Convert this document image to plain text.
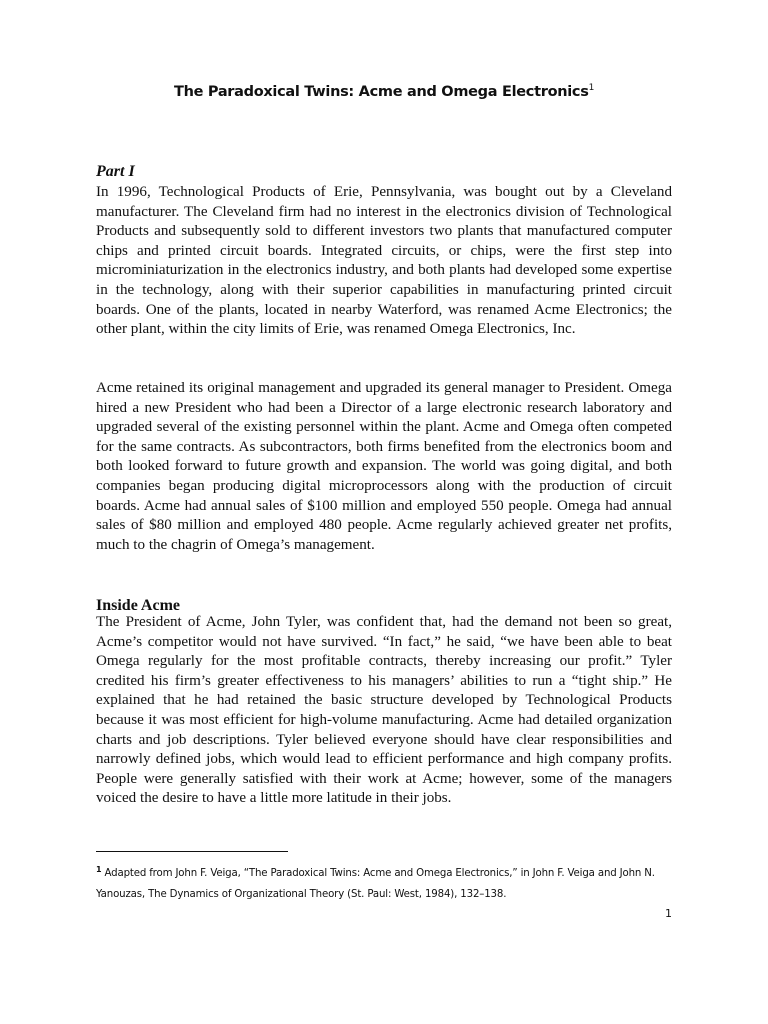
The Paradoxical Twins: Acme and Omega Electronics$^1$
Part I

In 1996, Technological Products of Erie, Pennsylvania, was bought out by a Cleveland manufacturer. The Cleveland firm had no interest in the electronics division of Technological Products and subsequently sold to different investors two plants that manufactured computer chips and printed circuit boards. Integrated circuits, or chips, were the first step into microminiaturization in the electronics industry, and both plants had developed some expertise in the technology, along with their superior capabilities in manufacturing printed circuit boards. One of the plants, located in nearby Waterford, was renamed Acme Electronics; the other plant, within the city limits of Erie, was renamed Omega Electronics, Inc.

Acme retained its original management and upgraded its general manager to President. Omega hired a new President who had been a Director of a large electronic research laboratory and upgraded several of the existing personnel within the plant. Acme and Omega often competed for the same contracts. As subcontractors, both firms benefited from the electronics boom and both looked forward to future growth and expansion. The world was going digital, and both companies began producing digital microprocessors along with the production of circuit boards. Acme had annual sales of $100 million and employed 550 people. Omega had annual sales of $80 million and employed 480 people. Acme regularly achieved greater net profits, much to the chagrin of Omega’s management.

Inside Acme

The President of Acme, John Tyler, was confident that, had the demand not been so great, Acme’s competitor would not have survived. “In fact,” he said, “we have been able to beat Omega regularly for the most profitable contracts, thereby increasing our profit.” Tyler credited his firm’s greater effectiveness to his managers’ abilities to run a “tight ship.” He explained that he had retained the basic structure developed by Technological Products because it was most efficient for high-volume manufacturing. Acme had detailed organization charts and job descriptions. Tyler believed everyone should have clear responsibilities and narrowly defined jobs, which would lead to efficient performance and high company profits. People were generally satisfied with their work at Acme; however, some of the managers voiced the desire to have a little more latitude in their jobs.

$^1$ Adapted from John F. Veiga, “The Paradoxical Twins: Acme and Omega Electronics,” in John F. Veiga and John N. Yanouzas, The Dynamics of Organizational Theory (St. Paul: West, 1984), 132–138.

1
